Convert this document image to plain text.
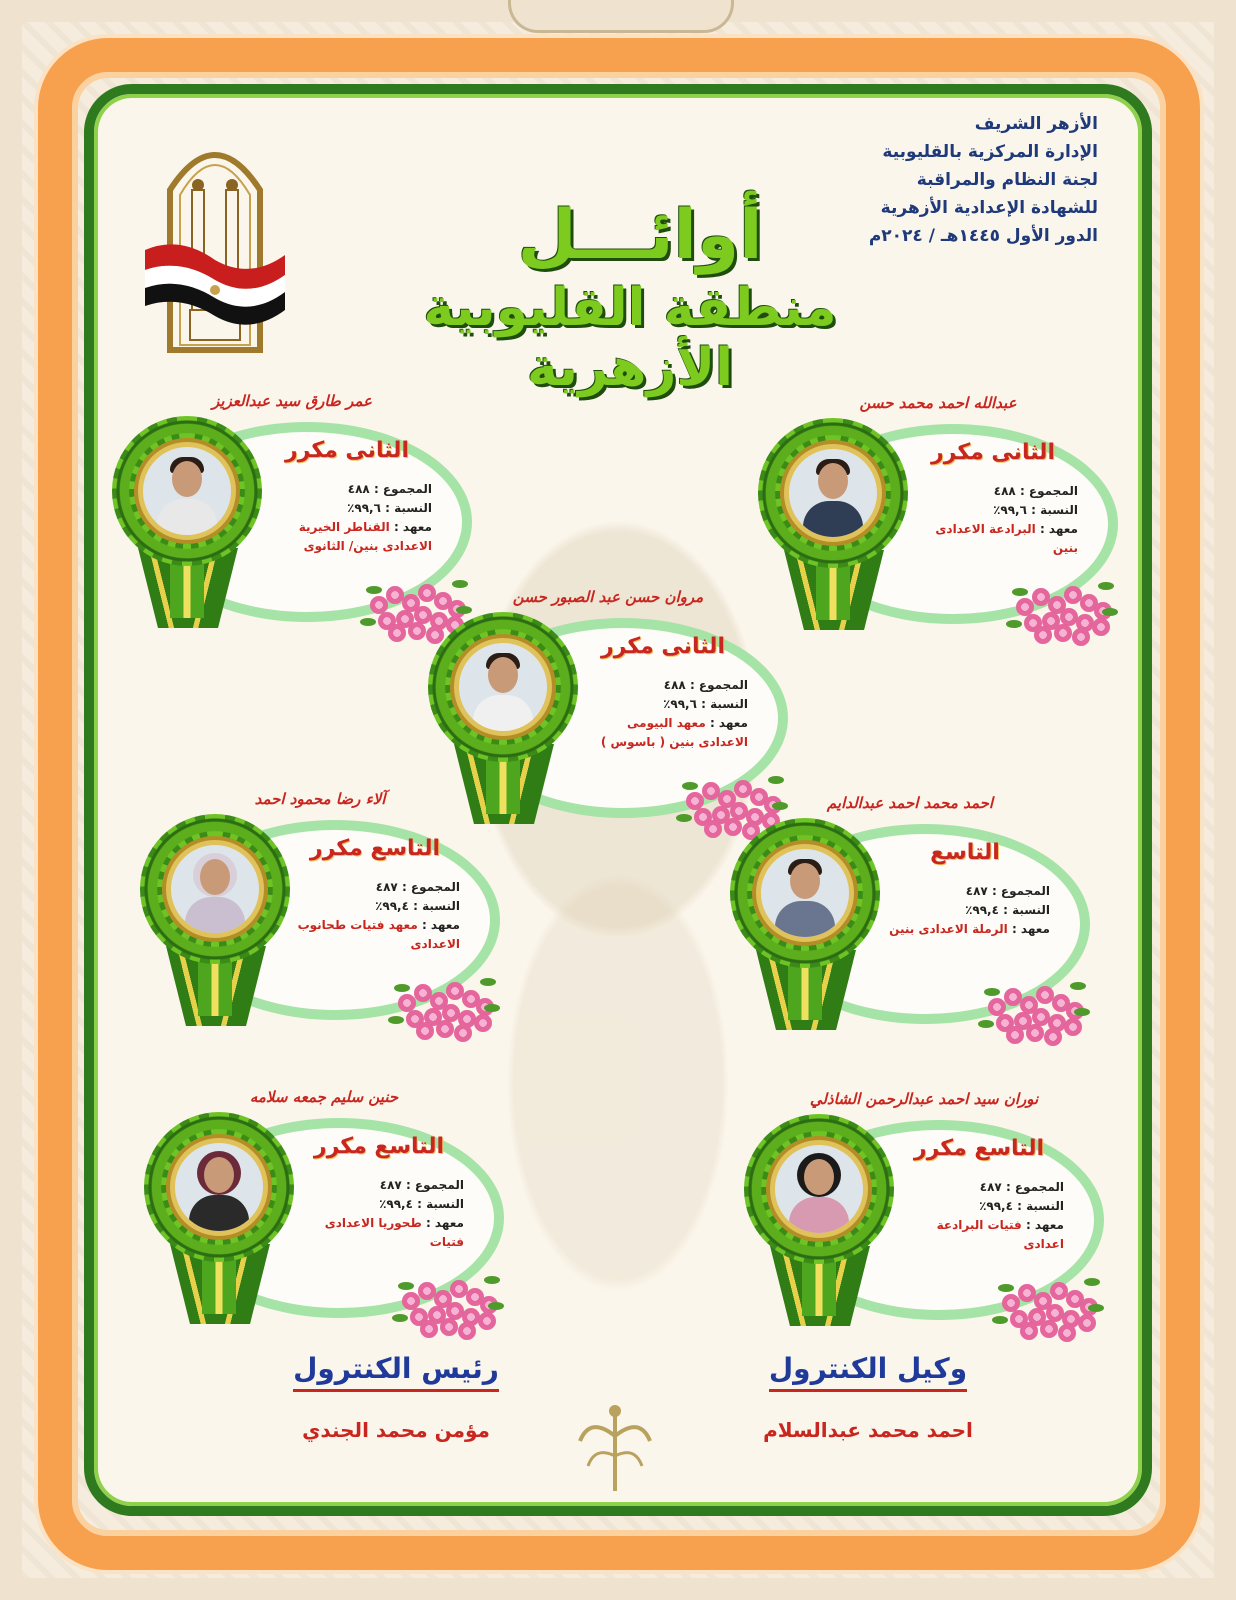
الأزهر الشريف
الإدارة المركزية بالقليوبية
لجنة النظام والمراقبة
للشهادة الإعدادية الأزهرية
الدور الأول ١٤٤٥هـ / ٢٠٢٤م
أوائـــل
منطقة القليوبية الأزهرية
عبدالله احمد محمد حسن
الثانى مكرر
المجموع : ٤٨٨
النسبة : ٩٩,٦٪
معهد : البرادعة الاعدادى بنين
عمر طارق سيد عبدالعزيز
الثانى مكرر
المجموع : ٤٨٨
النسبة : ٩٩,٦٪
معهد : القناطر الخيرية الاعدادى بنين/ الثانوى
مروان حسن عبد الصبور حسن
الثانى مكرر
المجموع : ٤٨٨
النسبة : ٩٩,٦٪
معهد : معهد البيومى الاعدادى بنين ( باسوس )
احمد محمد احمد عبدالدايم
التاسع
المجموع : ٤٨٧
النسبة : ٩٩,٤٪
معهد : الرملة الاعدادى بنين
آلاء رضا محمود احمد
التاسع مكرر
المجموع : ٤٨٧
النسبة : ٩٩,٤٪
معهد : معهد فتيات طحانوب الاعدادى
نوران سيد احمد عبدالرحمن الشاذلي
التاسع مكرر
المجموع : ٤٨٧
النسبة : ٩٩,٤٪
معهد : فتيات البرادعة اعدادى
حنين سليم جمعه سلامه
التاسع مكرر
المجموع : ٤٨٧
النسبة : ٩٩,٤٪
معهد : طحوريا الاعدادى فتيات
وكيل الكنترول
احمد محمد عبدالسلام
رئيس الكنترول
مؤمن محمد الجندي
